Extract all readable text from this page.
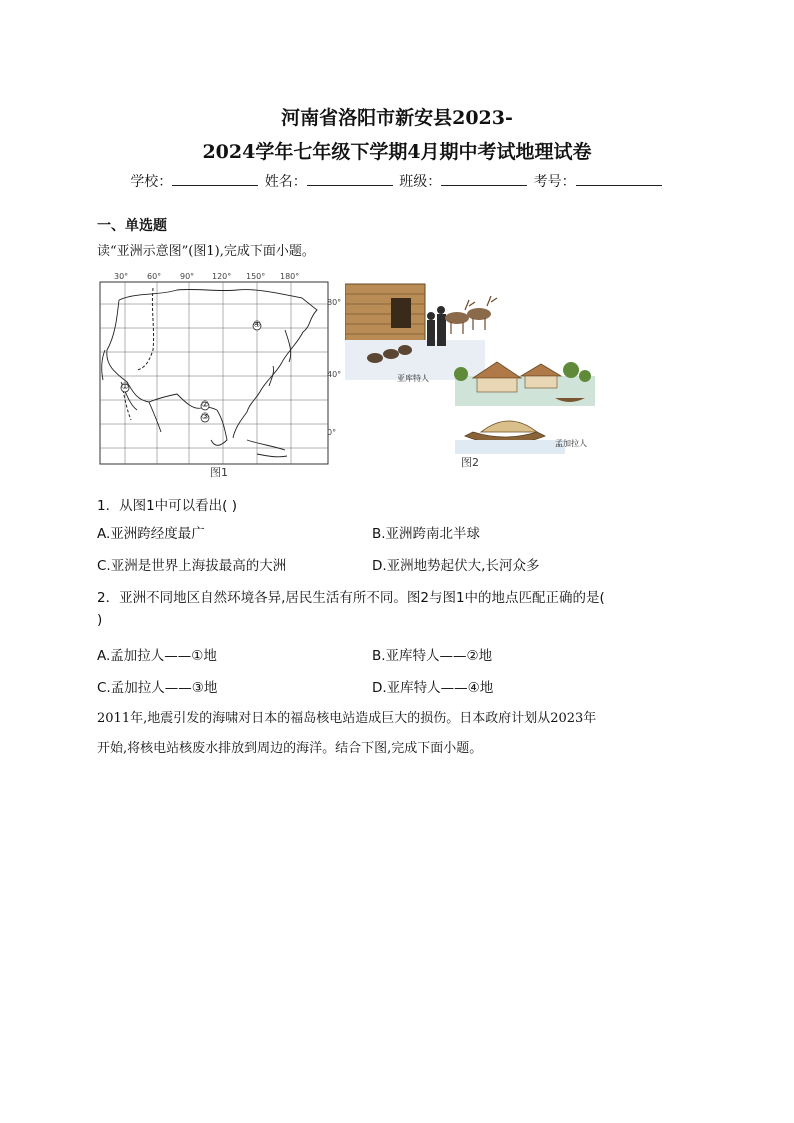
河南省洛阳市新安县2023-
2024学年七年级下学期4月期中考试地理试卷
学校：	姓名：	班级：	考号：
一、单选题
读“亚洲示意图”(图1),完成下面小题。
30° 60° 90° 120° 150° 180°
80°
40°
0°
①
②
③
④
图1
亚库特人
孟加拉人
图2
1．从图1中可以看出( )
A.亚洲跨经度最广	B.亚洲跨南北半球
C.亚洲是世界上海拔最高的大洲	D.亚洲地势起伏大,长河众多
2．亚洲不同地区自然环境各异,居民生活有所不同。图2与图1中的地点匹配正确的是(
)
A.孟加拉人——①地	B.亚库特人——②地
C.孟加拉人——③地	D.亚库特人——④地
2011年,地震引发的海啸对日本的福岛核电站造成巨大的损伤。日本政府计划从2023年
开始,将核电站核废水排放到周边的海洋。结合下图,完成下面小题。
